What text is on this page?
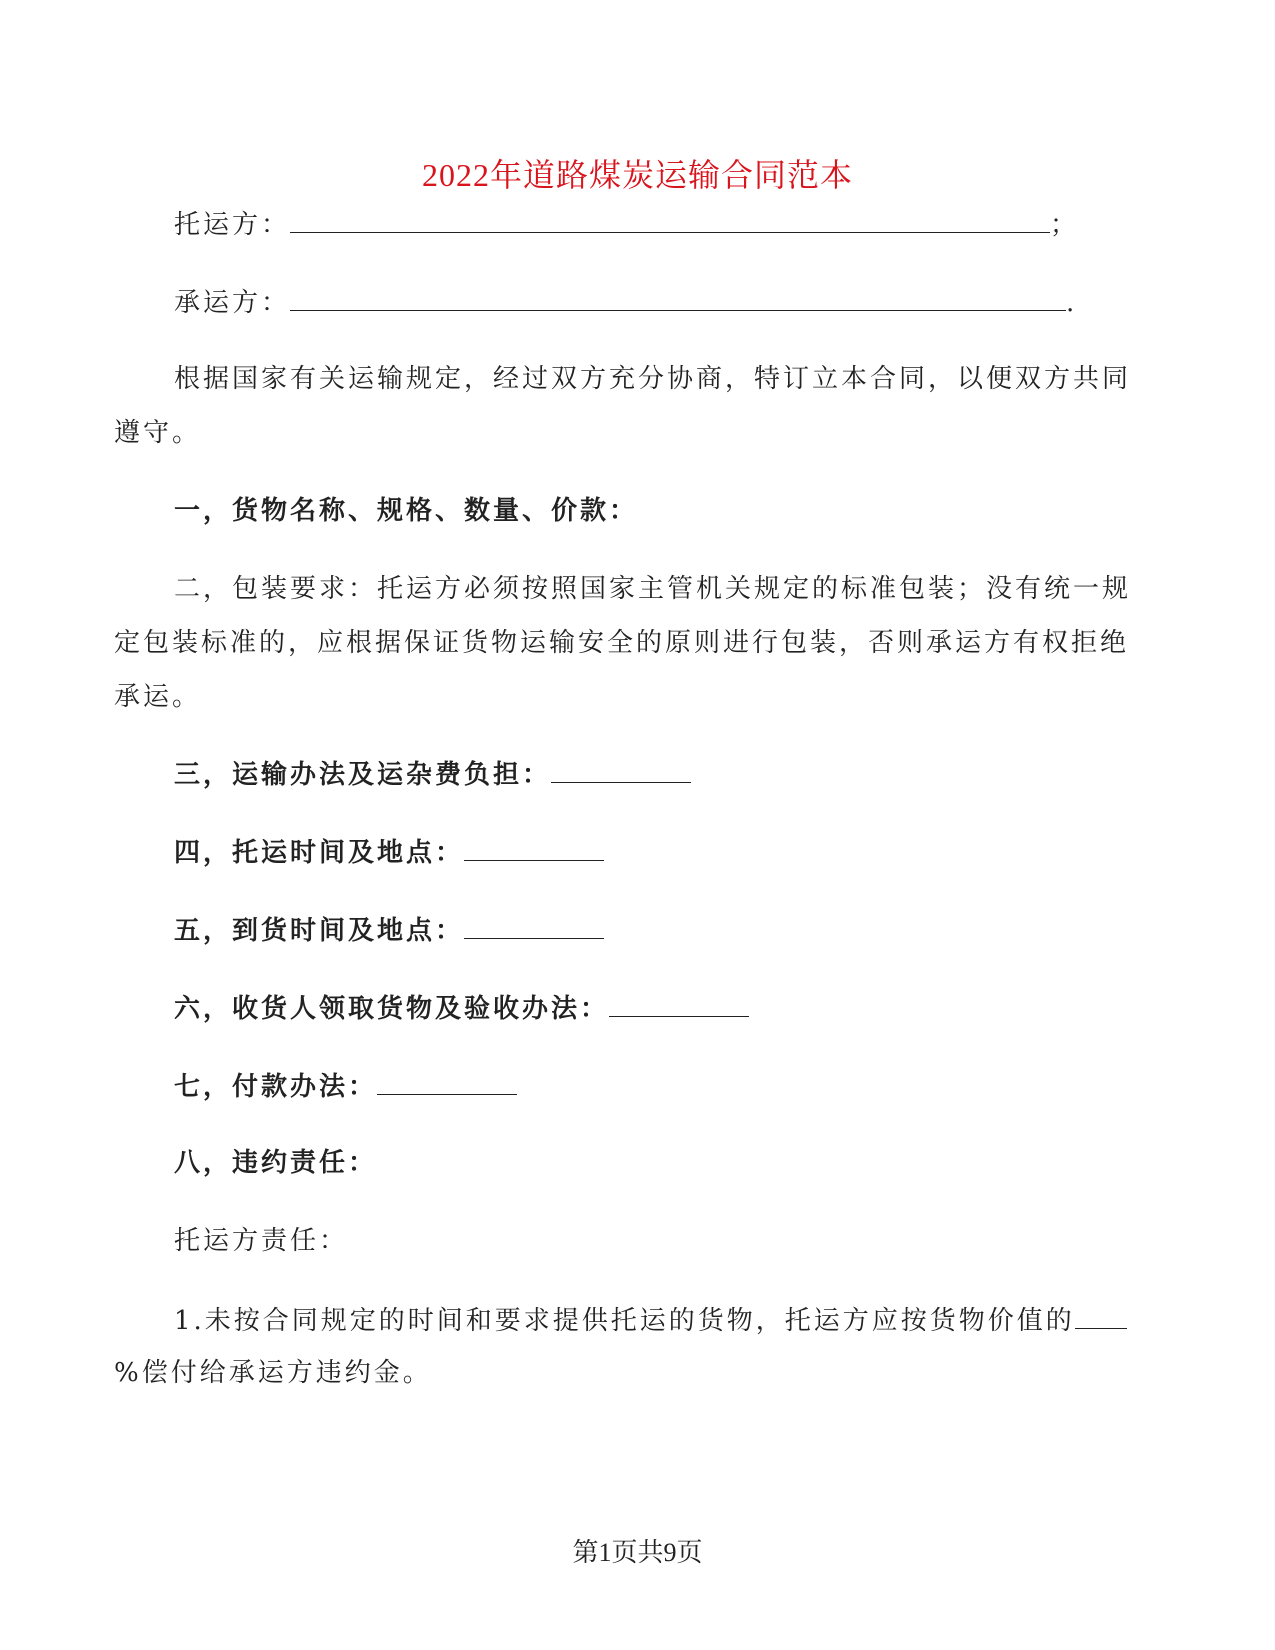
2022年道路煤炭运输合同范本
托运方：	；
承运方：	.
根据国家有关运输规定，经过双方充分协商，特订立本合同，以便双方共同
遵守。
一，货物名称、规格、数量、价款：
二，包装要求：托运方必须按照国家主管机关规定的标准包装；没有统一规
定包装标准的，应根据保证货物运输安全的原则进行包装，否则承运方有权拒绝
承运。
三，运输办法及运杂费负担：
四，托运时间及地点：
五，到货时间及地点：
六，收货人领取货物及验收办法：
七，付款办法：
八，违约责任：
托运方责任：
1.未按合同规定的时间和要求提供托运的货物，托运方应按货物价值的
%偿付给承运方违约金。
第1页共9页
